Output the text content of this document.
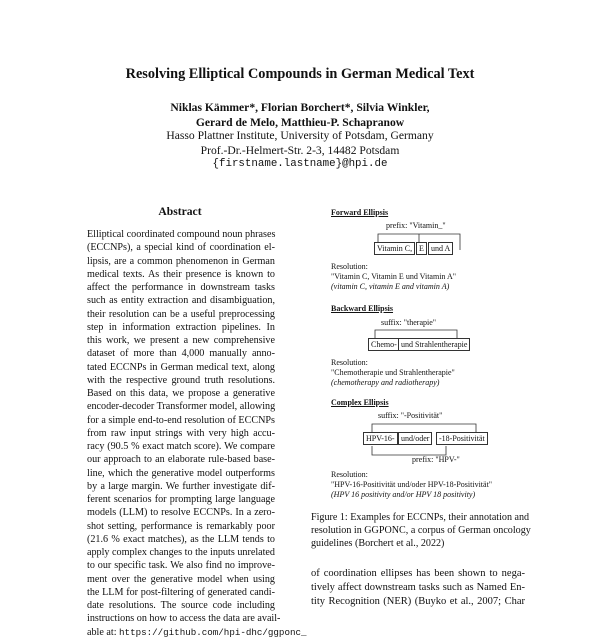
Resolving Elliptical Compounds in German Medical Text
Niklas Kämmer*, Florian Borchert*, Silvia Winkler,
Gerard de Melo, Matthieu-P. Schapranow
Hasso Plattner Institute, University of Potsdam, Germany
Prof.-Dr.-Helmert-Str. 2-3, 14482 Potsdam
{firstname.lastname}@hpi.de
Abstract
Elliptical coordinated compound noun phrases
(ECCNPs), a special kind of coordination el-
lipsis, are a common phenomenon in German
medical texts. As their presence is known to
affect the performance in downstream tasks
such as entity extraction and disambiguation,
their resolution can be a useful preprocessing
step in information extraction pipelines. In
this work, we present a new comprehensive
dataset of more than 4,000 manually anno-
tated ECCNPs in German medical text, along
with the respective ground truth resolutions.
Based on this data, we propose a generative
encoder-decoder Transformer model, allowing
for a simple end-to-end resolution of ECCNPs
from raw input strings with very high accu-
racy (90.5 % exact match score). We compare
our approach to an elaborate rule-based base-
line, which the generative model outperforms
by a large margin. We further investigate dif-
ferent scenarios for prompting large language
models (LLM) to resolve ECCNPs. In a zero-
shot setting, performance is remarkably poor
(21.6 % exact matches), as the LLM tends to
apply complex changes to the inputs unrelated
to our specific task. We also find no improve-
ment over the generative model when using
the LLM for post-filtering of generated candi-
date resolutions. The source code including
instructions on how to access the data are avail-
able at: https://github.com/hpi-dhc/ggponc_
Forward Ellipsis
prefix: "Vitamin_"
Vitamin C, E und A
Resolution:
"Vitamin C, Vitamin E und Vitamin A"
(vitamin C, vitamin E and vitamin A)
Backward Ellipsis
suffix: "therapie"
Chemo- und Strahlentherapie
Resolution:
"Chemotherapie und Strahlentherapie"
(chemotherapy and radiotherapy)
Complex Ellipsis
suffix: "-Positivität"
HPV-16- und/oder	-18-Positivität
prefix: "HPV-"
Resolution:
"HPV-16-Positivität und/oder HPV-18-Positivität"
(HPV 16 positivity and/or HPV 18 positivity)
Figure 1: Examples for ECCNPs, their annotation and
resolution in GGPONC, a corpus of German oncology
guidelines (Borchert et al., 2022)
of coordination ellipses has been shown to nega-
tively affect downstream tasks such as Named En-
tity Recognition (NER) (Buyko et al., 2007; Char
